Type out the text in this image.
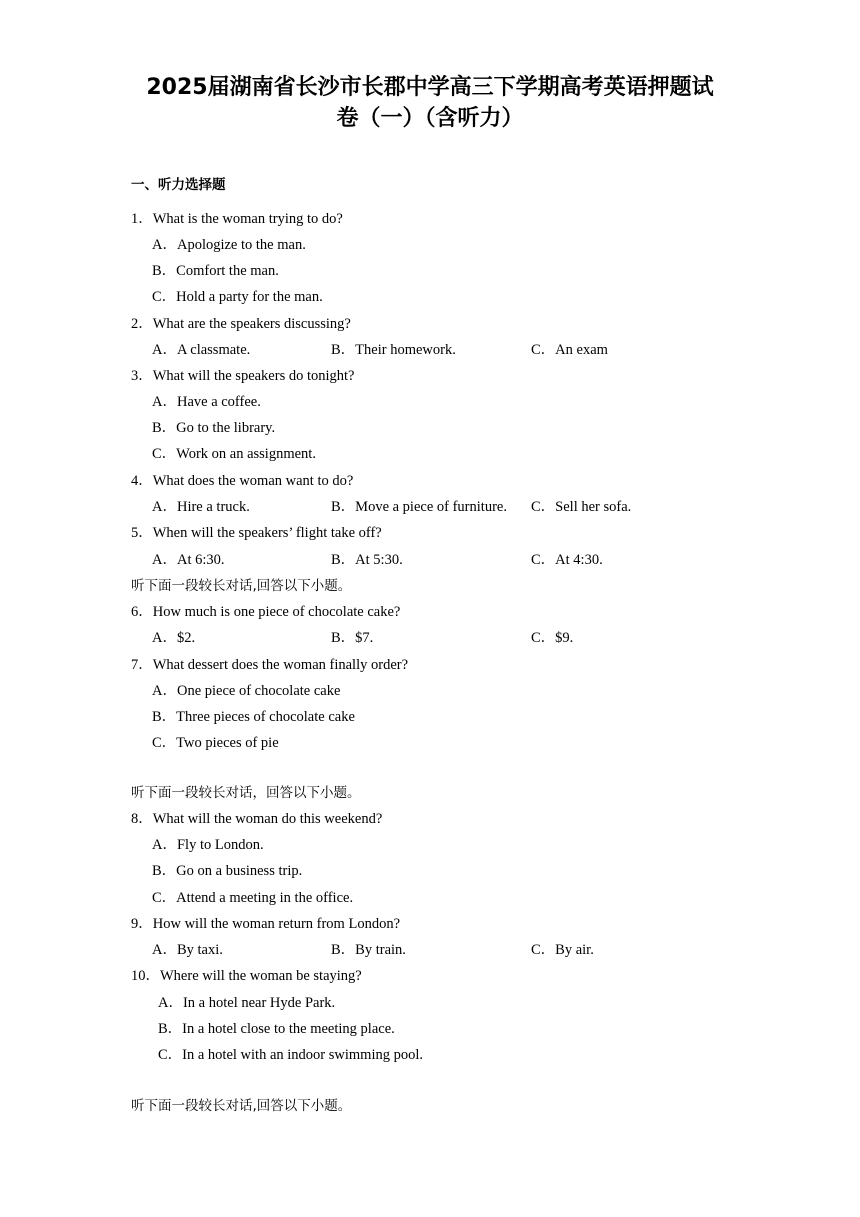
2025届湖南省长沙市长郡中学高三下学期高考英语押题试
卷（一）（含听力）
一、听力选择题
1．What is the woman trying to do?
A．Apologize to the man.
B．Comfort the man.
C．Hold a party for the man.
2．What are the speakers discussing?
A．A classmate.	B．Their homework.	C．An exam
3．What will the speakers do tonight?
A．Have a coffee.
B．Go to the library.
C．Work on an assignment.
4．What does the woman want to do?
A．Hire a truck.	B．Move a piece of furniture. C．Sell her sofa.
5．When will the speakers’ flight take off?
A．At 6:30.	B．At 5:30.	C．At 4:30.
听下面一段较长对话,回答以下小题。
6．How much is one piece of chocolate cake?
A．$2.	B．$7.	C．$9.
7．What dessert does the woman finally order?
A．One piece of chocolate cake
B．Three pieces of chocolate cake
C．Two pieces of pie
听下面一段较长对话，回答以下小题。
8．What will the woman do this weekend?
A．Fly to London.
B．Go on a business trip.
C．Attend a meeting in the office.
9．How will the woman return from London?
A．By taxi.	B．By train.	C．By air.
10．Where will the woman be staying?
A．In a hotel near Hyde Park.
B．In a hotel close to the meeting place.
C．In a hotel with an indoor swimming pool.
听下面一段较长对话,回答以下小题。
